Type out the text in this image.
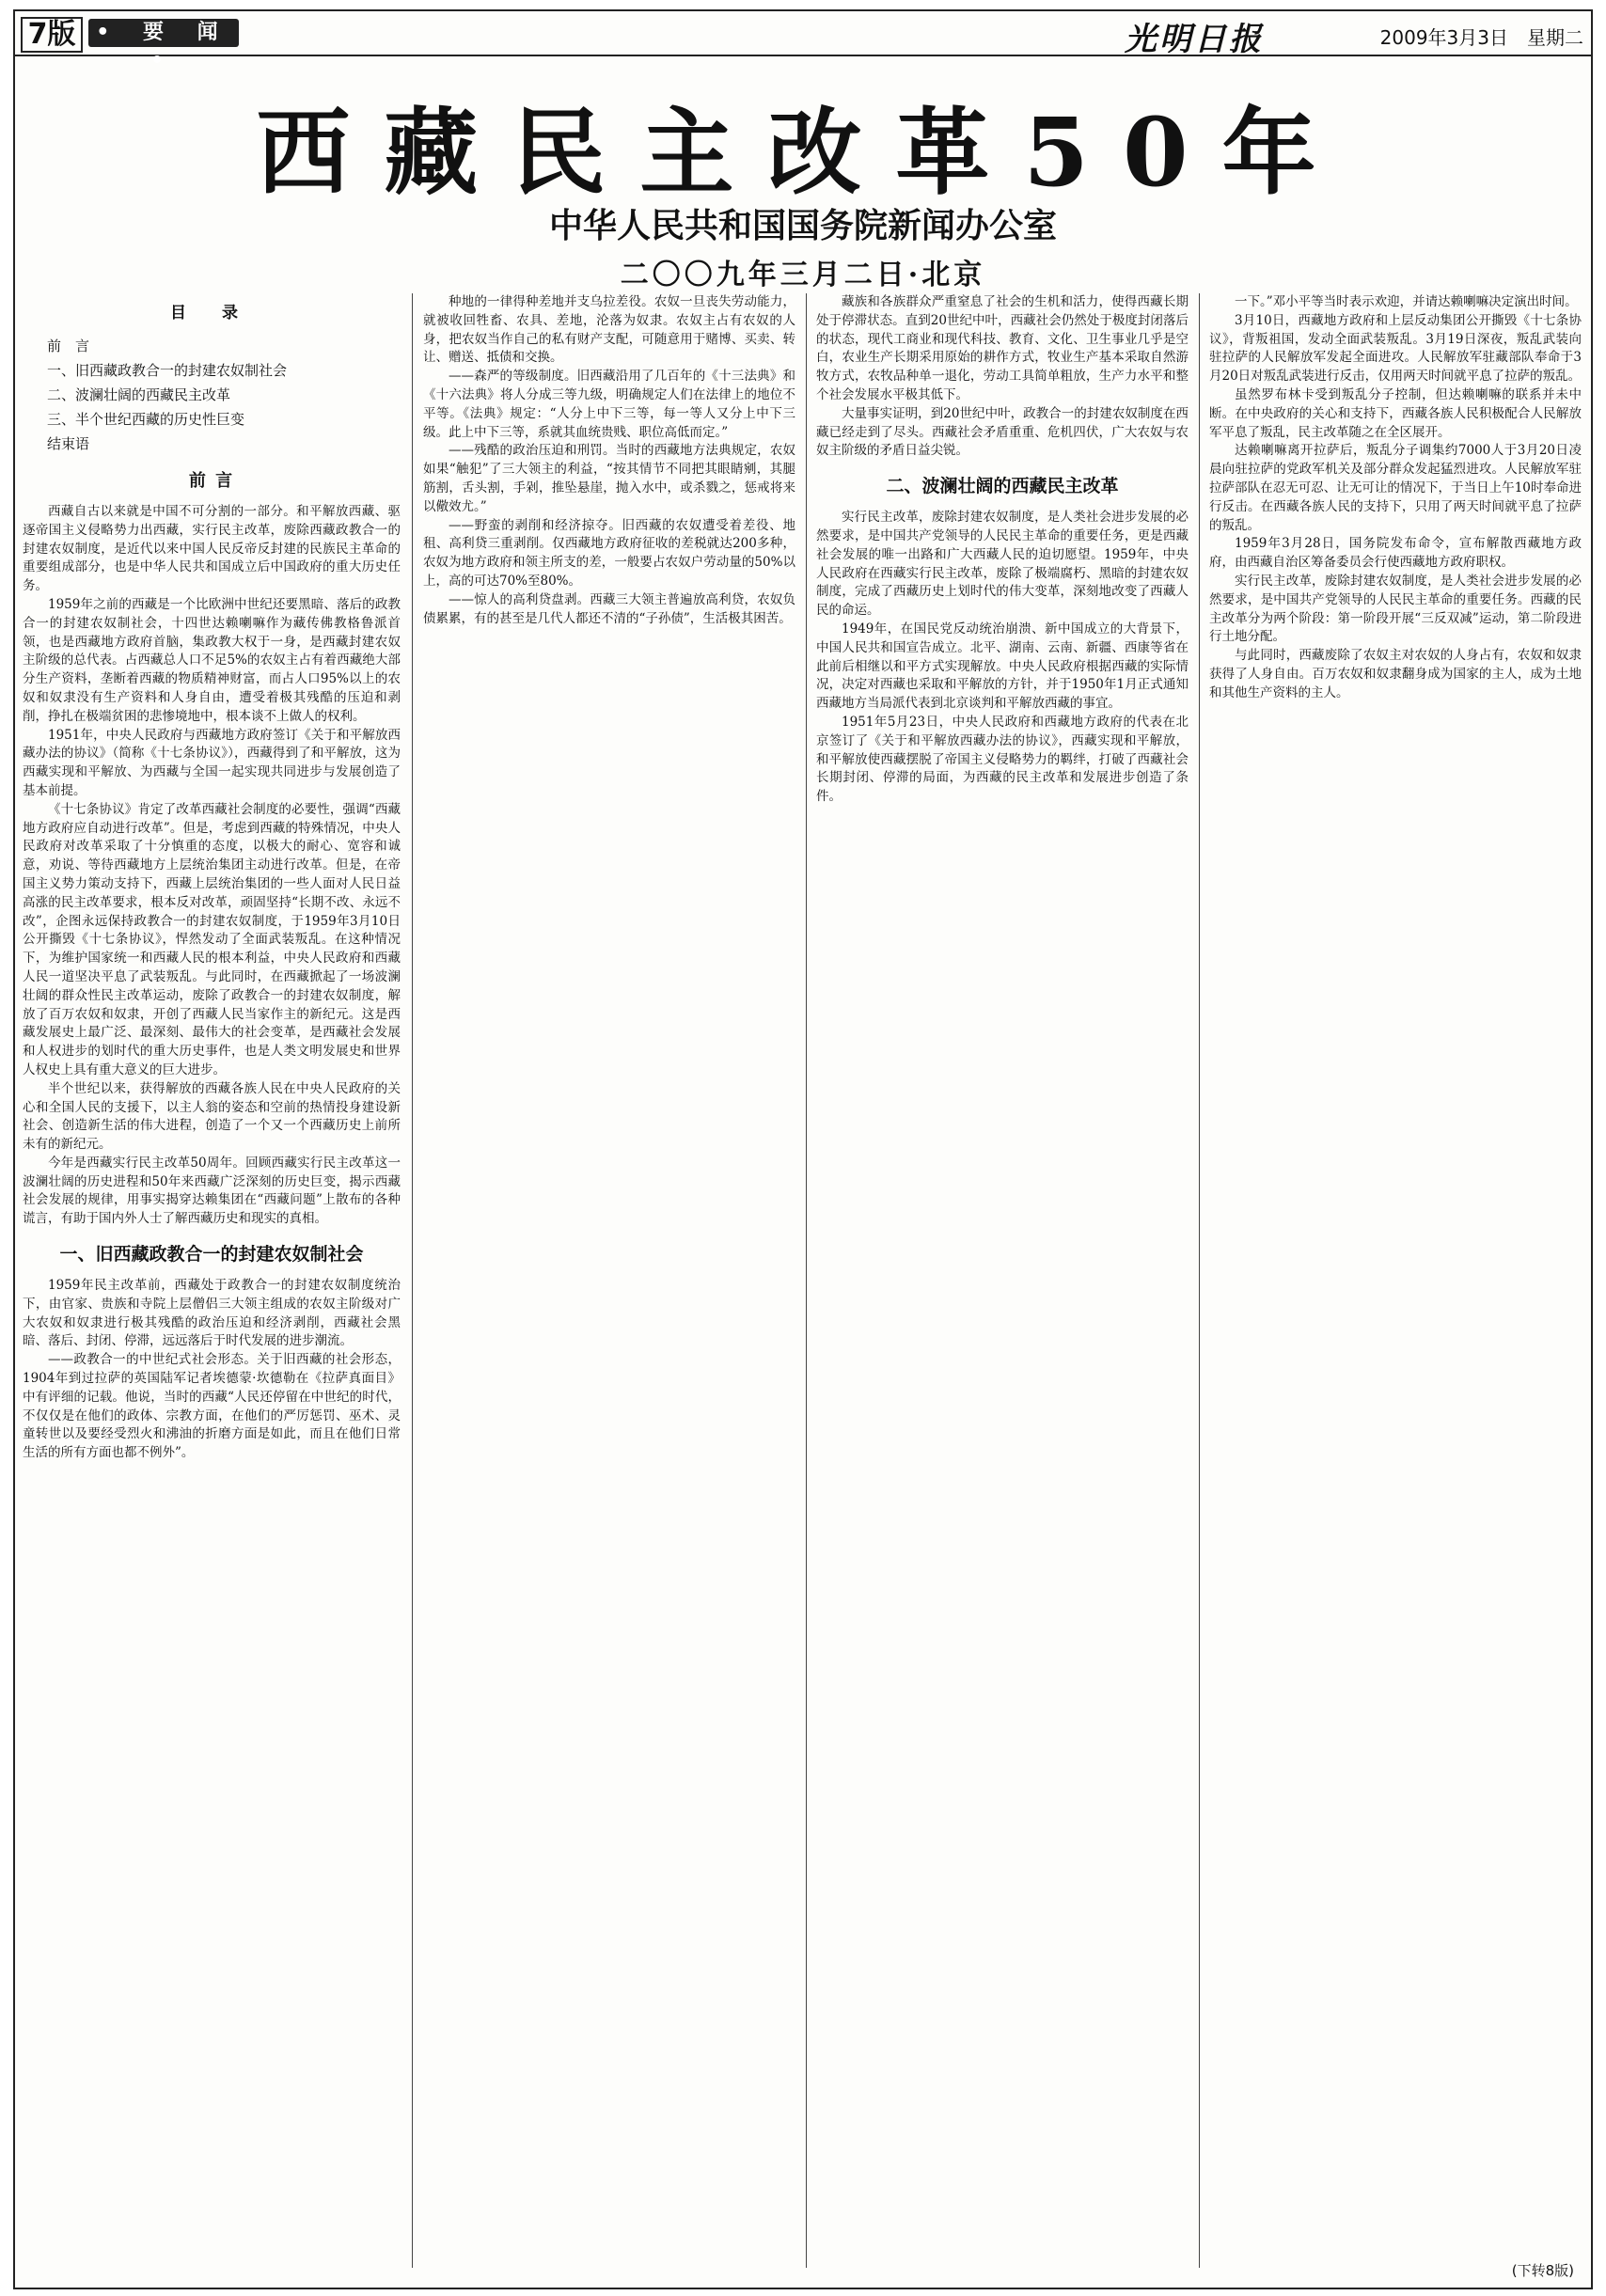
7版 • 要 闻 •
光明日报	2009年3月3日　星期二
西藏民主改革50年
中华人民共和国国务院新闻办公室
二〇〇九年三月二日·北京
目 录
前　言
一、旧西藏政教合一的封建农奴制社会
二、波澜壮阔的西藏民主改革
三、半个世纪西藏的历史性巨变
结束语
前 言

西藏自古以来就是中国不可分割的一部分。和平解放西藏、驱逐帝国主义侵略势力出西藏，实行民主改革，废除西藏政教合一的封建农奴制度，是近代以来中国人民反帝反封建的民族民主革命的重要组成部分，也是中华人民共和国成立后中国政府的重大历史任务。

1959年之前的西藏是一个比欧洲中世纪还要黑暗、落后的政教合一的封建农奴制社会，十四世达赖喇嘛作为藏传佛教格鲁派首领，也是西藏地方政府首脑，集政教大权于一身，是西藏封建农奴主阶级的总代表。占西藏总人口不足5%的农奴主占有着西藏绝大部分生产资料，垄断着西藏的物质精神财富，而占人口95%以上的农奴和奴隶没有生产资料和人身自由，遭受着极其残酷的压迫和剥削，挣扎在极端贫困的悲惨境地中，根本谈不上做人的权利。

1951年，中央人民政府与西藏地方政府签订《关于和平解放西藏办法的协议》（简称《十七条协议》），西藏得到了和平解放，这为西藏实现和平解放、为西藏与全国一起实现共同进步与发展创造了基本前提。

《十七条协议》肯定了改革西藏社会制度的必要性，强调“西藏地方政府应自动进行改革”。但是，考虑到西藏的特殊情况，中央人民政府对改革采取了十分慎重的态度，以极大的耐心、宽容和诚意，劝说、等待西藏地方上层统治集团主动进行改革。但是，在帝国主义势力策动支持下，西藏上层统治集团的一些人面对人民日益高涨的民主改革要求，根本反对改革，顽固坚持“长期不改、永远不改”，企图永远保持政教合一的封建农奴制度，于1959年3月10日公开撕毁《十七条协议》，悍然发动了全面武装叛乱。在这种情况下，为维护国家统一和西藏人民的根本利益，中央人民政府和西藏人民一道坚决平息了武装叛乱。与此同时，在西藏掀起了一场波澜壮阔的群众性民主改革运动，废除了政教合一的封建农奴制度，解放了百万农奴和奴隶，开创了西藏人民当家作主的新纪元。这是西藏发展史上最广泛、最深刻、最伟大的社会变革，是西藏社会发展和人权进步的划时代的重大历史事件，也是人类文明发展史和世界人权史上具有重大意义的巨大进步。

半个世纪以来，获得解放的西藏各族人民在中央人民政府的关心和全国人民的支援下，以主人翁的姿态和空前的热情投身建设新社会、创造新生活的伟大进程，创造了一个又一个西藏历史上前所未有的新纪元。

今年是西藏实行民主改革50周年。回顾西藏实行民主改革这一波澜壮阔的历史进程和50年来西藏广泛深刻的历史巨变，揭示西藏社会发展的规律，用事实揭穿达赖集团在“西藏问题”上散布的各种谎言，有助于国内外人士了解西藏历史和现实的真相。

一、旧西藏政教合一的封建农奴制社会

1959年民主改革前，西藏处于政教合一的封建农奴制度统治下，由官家、贵族和寺院上层僧侣三大领主组成的农奴主阶级对广大农奴和奴隶进行极其残酷的政治压迫和经济剥削，西藏社会黑暗、落后、封闭、停滞，远远落后于时代发展的进步潮流。

——政教合一的中世纪式社会形态。关于旧西藏的社会形态，1904年到过拉萨的英国陆军记者埃德蒙·坎德勒在《拉萨真面目》中有评细的记载。他说，当时的西藏“人民还停留在中世纪的时代，不仅仅是在他们的政体、宗教方面，在他们的严厉惩罚、巫术、灵童转世以及要经受烈火和沸油的折磨方面是如此，而且在他们日常生活的所有方面也都不例外”。

种地的一律得种差地并支乌拉差役。农奴一旦丧失劳动能力，就被收回牲畜、农具、差地，沦落为奴隶。农奴主占有农奴的人身，把农奴当作自己的私有财产支配，可随意用于赌博、买卖、转让、赠送、抵债和交换。

——森严的等级制度。旧西藏沿用了几百年的《十三法典》和《十六法典》将人分成三等九级，明确规定人们在法律上的地位不平等。《法典》规定：“人分上中下三等，每一等人又分上中下三级。此上中下三等，系就其血统贵贱、职位高低而定。”

——残酷的政治压迫和刑罚。当时的西藏地方法典规定，农奴如果“触犯”了三大领主的利益，“按其情节不同把其眼睛剜，其腿筋割，舌头割，手剁，推坠悬崖，抛入水中，或杀戮之，惩戒将来以儆效尤。”

——野蛮的剥削和经济掠夺。旧西藏的农奴遭受着差役、地租、高利贷三重剥削。仅西藏地方政府征收的差税就达200多种，农奴为地方政府和领主所支的差，一般要占农奴户劳动量的50%以上，高的可达70%至80%。

——惊人的高利贷盘剥。西藏三大领主普遍放高利贷，农奴负债累累，有的甚至是几代人都还不清的“子孙债”，生活极其困苦。

藏族和各族群众严重窒息了社会的生机和活力，使得西藏长期处于停滞状态。直到20世纪中叶，西藏社会仍然处于极度封闭落后的状态，现代工商业和现代科技、教育、文化、卫生事业几乎是空白，农业生产长期采用原始的耕作方式，牧业生产基本采取自然游牧方式，农牧品种单一退化，劳动工具简单粗放，生产力水平和整个社会发展水平极其低下。

大量事实证明，到20世纪中叶，政教合一的封建农奴制度在西藏已经走到了尽头。西藏社会矛盾重重、危机四伏，广大农奴与农奴主阶级的矛盾日益尖锐。

二、波澜壮阔的西藏民主改革

实行民主改革，废除封建农奴制度，是人类社会进步发展的必然要求，是中国共产党领导的人民民主革命的重要任务，更是西藏社会发展的唯一出路和广大西藏人民的迫切愿望。1959年，中央人民政府在西藏实行民主改革，废除了极端腐朽、黑暗的封建农奴制度，完成了西藏历史上划时代的伟大变革，深刻地改变了西藏人民的命运。

1949年，在国民党反动统治崩溃、新中国成立的大背景下，中国人民共和国宣告成立。北平、湖南、云南、新疆、西康等省在此前后相继以和平方式实现解放。中央人民政府根据西藏的实际情况，决定对西藏也采取和平解放的方针，并于1950年1月正式通知西藏地方当局派代表到北京谈判和平解放西藏的事宜。

1951年5月23日，中央人民政府和西藏地方政府的代表在北京签订了《关于和平解放西藏办法的协议》，西藏实现和平解放，和平解放使西藏摆脱了帝国主义侵略势力的羁绊，打破了西藏社会长期封闭、停滞的局面，为西藏的民主改革和发展进步创造了条件。

一下。”邓小平等当时表示欢迎，并请达赖喇嘛决定演出时间。

3月10日，西藏地方政府和上层反动集团公开撕毁《十七条协议》，背叛祖国，发动全面武装叛乱。3月19日深夜，叛乱武装向驻拉萨的人民解放军发起全面进攻。人民解放军驻藏部队奉命于3月20日对叛乱武装进行反击，仅用两天时间就平息了拉萨的叛乱。

虽然罗布林卡受到叛乱分子控制，但达赖喇嘛的联系并未中断。在中央政府的关心和支持下，西藏各族人民积极配合人民解放军平息了叛乱，民主改革随之在全区展开。

达赖喇嘛离开拉萨后，叛乱分子调集约7000人于3月20日凌晨向驻拉萨的党政军机关及部分群众发起猛烈进攻。人民解放军驻拉萨部队在忍无可忍、让无可让的情况下，于当日上午10时奉命进行反击。在西藏各族人民的支持下，只用了两天时间就平息了拉萨的叛乱。

1959年3月28日，国务院发布命令，宣布解散西藏地方政府，由西藏自治区筹备委员会行使西藏地方政府职权。

实行民主改革，废除封建农奴制度，是人类社会进步发展的必然要求，是中国共产党领导的人民民主革命的重要任务。西藏的民主改革分为两个阶段：第一阶段开展“三反双减”运动，第二阶段进行土地分配。

与此同时，西藏废除了农奴主对农奴的人身占有，农奴和奴隶获得了人身自由。百万农奴和奴隶翻身成为国家的主人，成为土地和其他生产资料的主人。

(下转8版)
